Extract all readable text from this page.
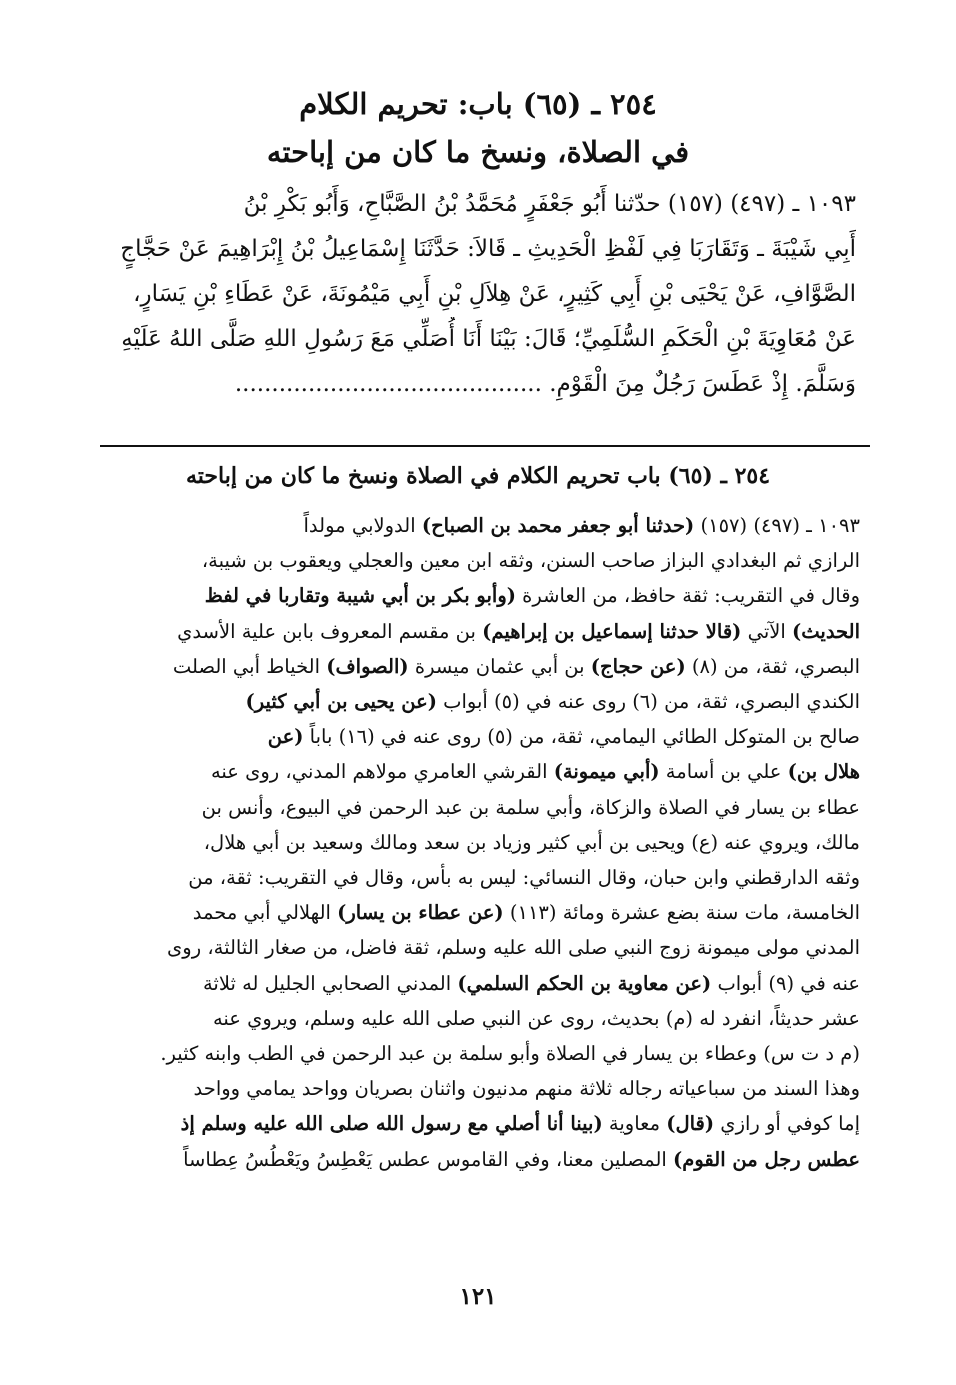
٢٥٤ ـ (٦٥) باب: تحريم الكلام
في الصلاة، ونسخ ما كان من إباحته
١٠٩٣ ـ (٤٩٧) (١٥٧) حدّثنا أَبُو جَعْفَرٍ مُحَمَّدُ بْنُ الصَّبَّاحِ، وَأَبُو بَكْرِ بْنُ
أَبِي شَيْبَةَ ـ وَتَقَارَبَا فِي لَفْظِ الْحَدِيثِ ـ قَالاَ: حَدَّثَنَا إِسْمَاعِيلُ بْنُ إِبْرَاهِيمَ عَنْ حَجَّاجٍ
الصَّوَّافِ، عَنْ يَحْيَى بْنِ أَبِي كَثِيرٍ، عَنْ هِلاَلِ بْنِ أَبِي مَيْمُونَةَ، عَنْ عَطَاءِ بْنِ يَسَارٍ،
عَنْ مُعَاوِيَةَ بْنِ الْحَكَمِ السُّلَمِيِّ؛ قَالَ: بَيْنَا أَنَا أُصَلِّي مَعَ رَسُولِ اللهِ صَلَّى اللهُ عَلَيْهِ
وَسَلَّمَ. إِذْ عَطَسَ رَجُلٌ مِنَ الْقَوْمِ. ..........................................
٢٥٤ ـ (٦٥) باب تحريم الكلام في الصلاة ونسخ ما كان من إباحته
١٠٩٣ ـ (٤٩٧) (١٥٧) (حدثنا أبو جعفر محمد بن الصباح) الدولابي مولداً
الرازي ثم البغدادي البزاز صاحب السنن، وثقه ابن معين والعجلي ويعقوب بن شيبة،
وقال في التقريب: ثقة حافظ، من العاشرة (وأبو بكر بن أبي شيبة وتقاربا في لفظ
الحديث) الآتي (قالا حدثنا إسماعيل بن إبراهيم) بن مقسم المعروف بابن علية الأسدي
البصري، ثقة، من (٨) (عن حجاج) بن أبي عثمان ميسرة (الصواف) الخياط أبي الصلت
الكندي البصري، ثقة، من (٦) روى عنه في (٥) أبواب (عن يحيى بن أبي كثير)
صالح بن المتوكل الطائي اليمامي، ثقة، من (٥) روى عنه في (١٦) باباً (عن
هلال بن) علي بن أسامة (أبي ميمونة) القرشي العامري مولاهم المدني، روى عنه
عطاء بن يسار في الصلاة والزكاة، وأبي سلمة بن عبد الرحمن في البيوع، وأنس بن
مالك، ويروي عنه (ع) ويحيى بن أبي كثير وزياد بن سعد ومالك وسعيد بن أبي هلال،
وثقه الدارقطني وابن حبان، وقال النسائي: ليس به بأس، وقال في التقريب: ثقة، من
الخامسة، مات سنة بضع عشرة ومائة (١١٣) (عن عطاء بن يسار) الهلالي أبي محمد
المدني مولى ميمونة زوج النبي صلى الله عليه وسلم، ثقة فاضل، من صغار الثالثة، روى
عنه في (٩) أبواب (عن معاوية بن الحكم السلمي) المدني الصحابي الجليل له ثلاثة
عشر حديثاً، انفرد له (م) بحديث، روى عن النبي صلى الله عليه وسلم، ويروي عنه
(م د ت س) وعطاء بن يسار في الصلاة وأبو سلمة بن عبد الرحمن في الطب وابنه كثير.
وهذا السند من سباعياته رجاله ثلاثة منهم مدنيون واثنان بصريان وواحد يمامي وواحد
إما كوفي أو رازي (قال) معاوية (بينا أنا أصلي مع رسول الله صلى الله عليه وسلم إذ
عطس رجل من القوم) المصلين معنا، وفي القاموس عطس يَعْطِسُ ويَعْطُسُ عِطاساً
١٢١
